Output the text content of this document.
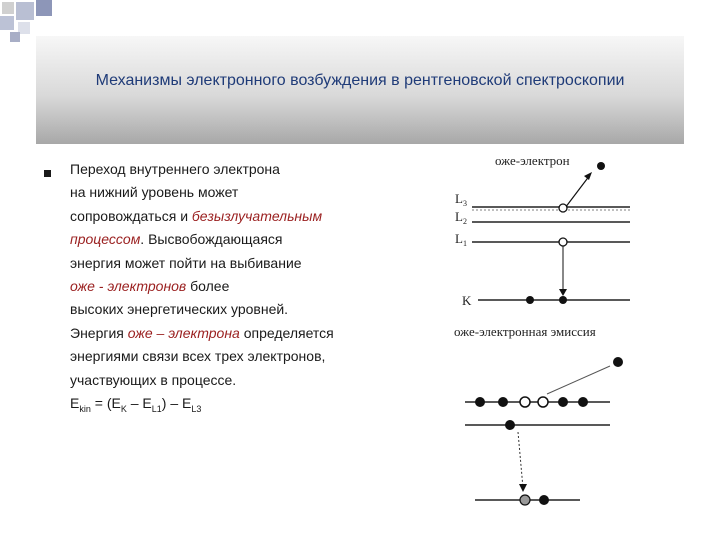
Механизмы электронного возбуждения в рентгеновской спектроскопии
Переход внутреннего электрона
на нижний уровень может
сопровождаться и безызлучательным
процессом. Высвобождающаяся
энергия может пойти на выбивание
оже - электронов более
высоких энергетических уровней.
Энергия оже – электрона определяется
энергиями связи всех трех электронов,
участвующих в процессе.
$E_{kin} = (E_K - E_{L1}) - E_{L3}$
оже-электрон
$L_3$
$L_2$
$L_1$
K
оже-электронная эмиссия
